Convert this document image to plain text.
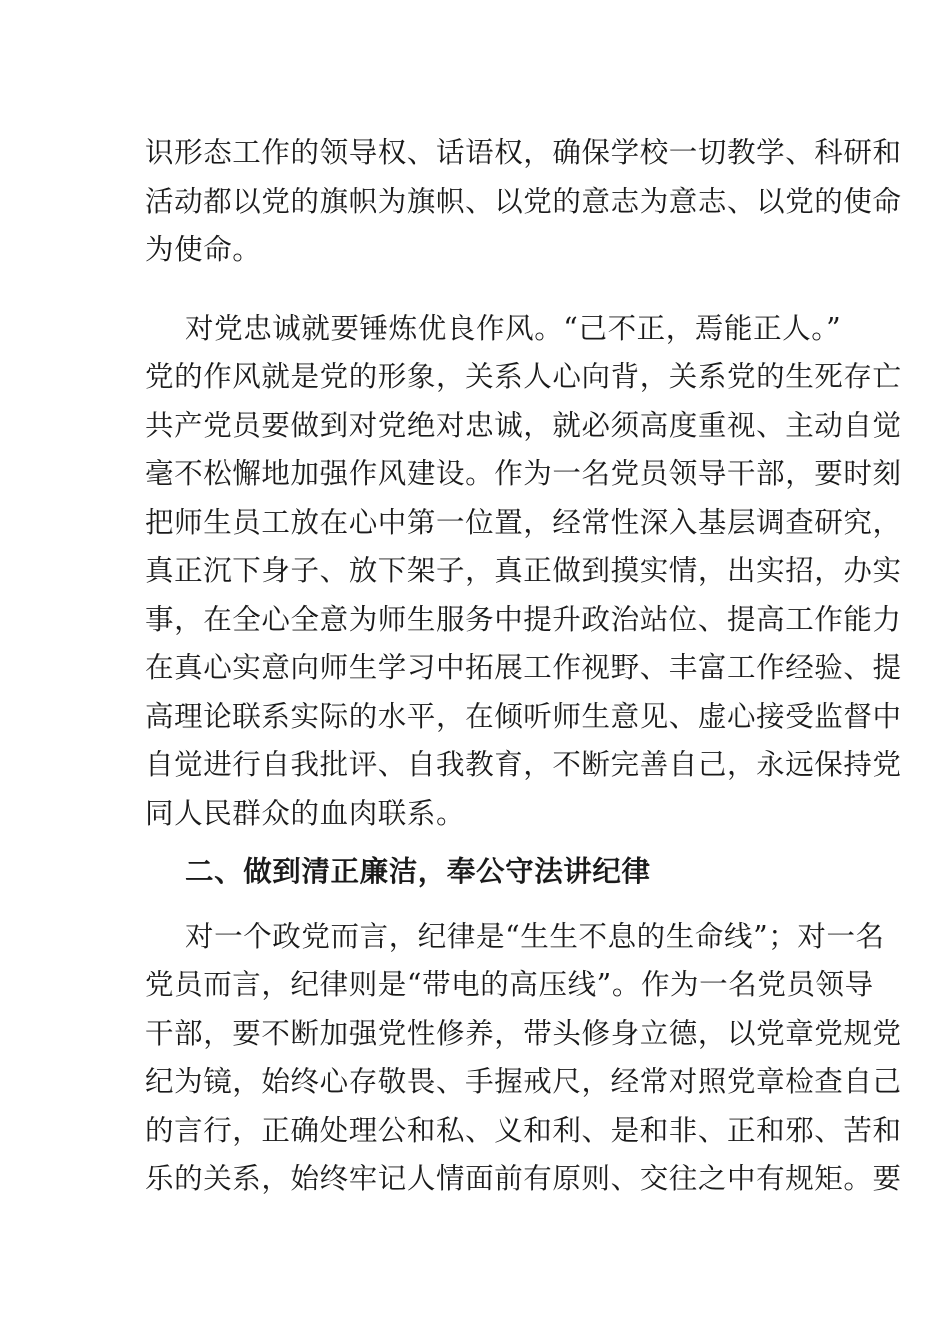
识形态工作的领导权、话语权，确保学校一切教学、科研和
活动都以党的旗帜为旗帜、以党的意志为意志、以党的使命
为使命。
对党忠诚就要锤炼优良作风。“己不正，焉能正人。”
党的作风就是党的形象，关系人心向背，关系党的生死存亡
共产党员要做到对党绝对忠诚，就必须高度重视、主动自觉
毫不松懈地加强作风建设。作为一名党员领导干部，要时刻
把师生员工放在心中第一位置，经常性深入基层调查研究，
真正沉下身子、放下架子，真正做到摸实情，出实招，办实
事，在全心全意为师生服务中提升政治站位、提高工作能力
在真心实意向师生学习中拓展工作视野、丰富工作经验、提
高理论联系实际的水平，在倾听师生意见、虚心接受监督中
自觉进行自我批评、自我教育，不断完善自己，永远保持党
同人民群众的血肉联系。
二、做到清正廉洁，奉公守法讲纪律
对一个政党而言，纪律是“生生不息的生命线”；对一名
党员而言，纪律则是“带电的高压线”。作为一名党员领导
干部，要不断加强党性修养，带头修身立德，以党章党规党
纪为镜，始终心存敬畏、手握戒尺，经常对照党章检查自己
的言行，正确处理公和私、义和利、是和非、正和邪、苦和
乐的关系，始终牢记人情面前有原则、交往之中有规矩。要
